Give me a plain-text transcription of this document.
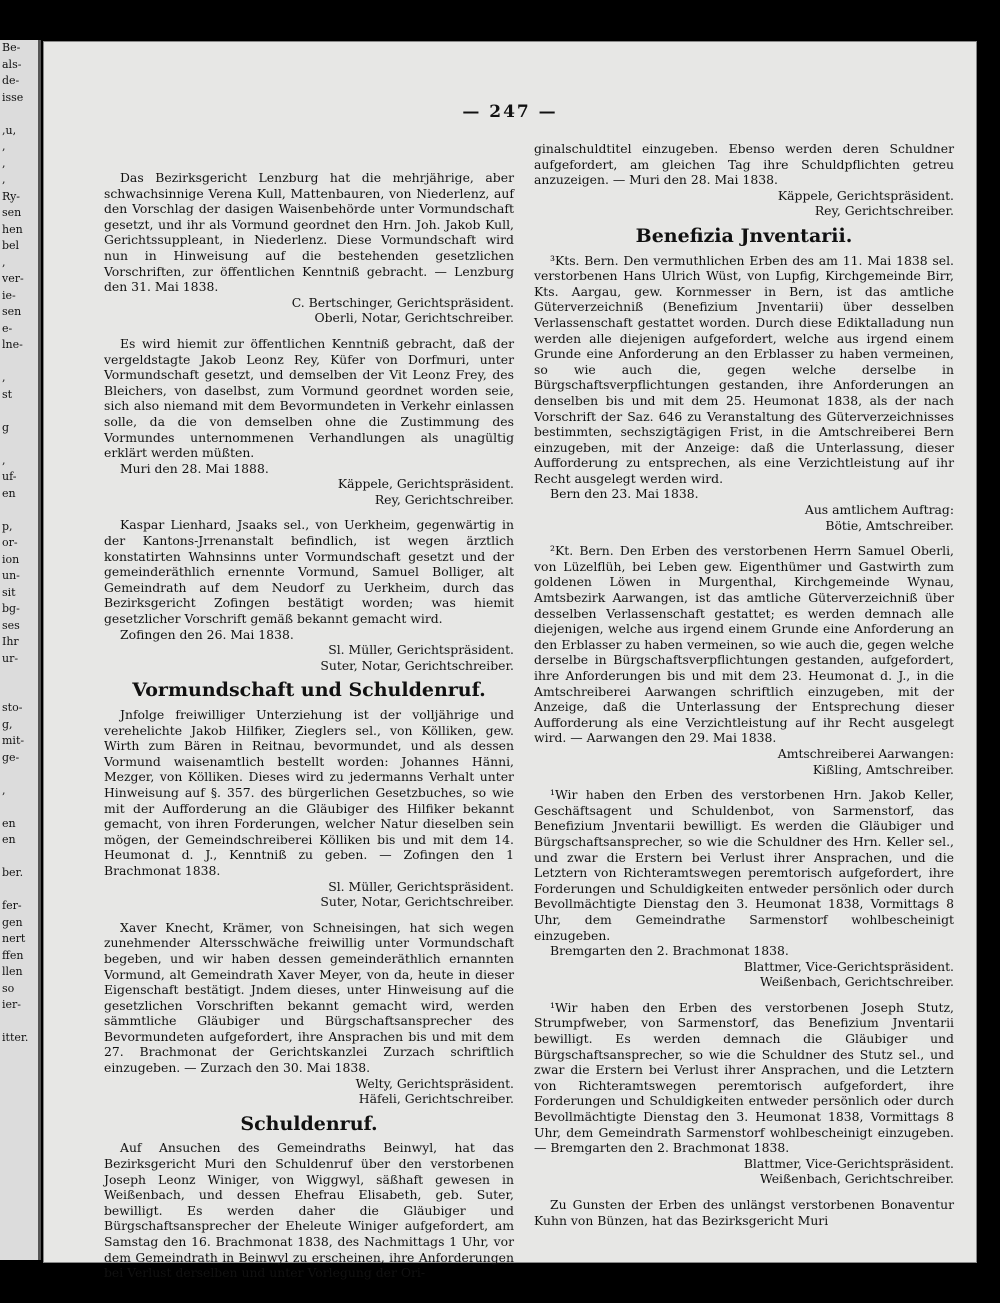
Be-
als-
de-
isse

,u,
,
,
,
Ry-
sen
hen
bel
,
ver-
ie-
sen
e-
lne-

,
st

g

,
uf-
en

p,
or-
ion
un-
sit
bg-
ses
Ihr
ur-

sto-
g,
mit-
ge-

,

en
en

ber.

fer-
gen
nert
ffen
llen
so
ier-

itter.
— 247 —

Das Bezirksgericht Lenzburg hat die mehrjährige, aber schwachsinnige Verena Kull, Mattenbauren, von Niederlenz, auf den Vorschlag der dasigen Waisenbehörde unter Vormundschaft gesetzt, und ihr als Vormund geordnet den Hrn. Joh. Jakob Kull, Gerichtssuppleant, in Niederlenz. Diese Vormundschaft wird nun in Hinweisung auf die bestehenden gesetzlichen Vorschriften, zur öffentlichen Kenntniß gebracht. — Lenzburg den 31. Mai 1838.

C. Bertschinger, Gerichtspräsident.

Oberli, Notar, Gerichtschreiber.

Es wird hiemit zur öffentlichen Kenntniß gebracht, daß der vergeldstagte Jakob Leonz Rey, Küfer von Dorfmuri, unter Vormundschaft gesetzt, und demselben der Vit Leonz Frey, des Bleichers, von daselbst, zum Vormund geordnet worden seie, sich also niemand mit dem Bevormundeten in Verkehr einlassen solle, da die von demselben ohne die Zustimmung des Vormundes unternommenen Verhandlungen als unagültig erklärt werden müßten.

Muri den 28. Mai 1888.

Käppele, Gerichtspräsident.

Rey, Gerichtschreiber.

Kaspar Lienhard, Jsaaks sel., von Uerkheim, gegenwärtig in der Kantons-Jrrenanstalt befindlich, ist wegen ärztlich konstatirten Wahnsinns unter Vormundschaft gesetzt und der gemeinderäthlich ernennte Vormund, Samuel Bolliger, alt Gemeindrath auf dem Neudorf zu Uerkheim, durch das Bezirksgericht Zofingen bestätigt worden; was hiemit gesetzlicher Vorschrift gemäß bekannt gemacht wird.

Zofingen den 26. Mai 1838.

Sl. Müller, Gerichtspräsident.

Suter, Notar, Gerichtschreiber.

Vormundschaft und Schuldenruf.

Jnfolge freiwilliger Unterziehung ist der volljährige und verehelichte Jakob Hilfiker, Zieglers sel., von Kölliken, gew. Wirth zum Bären in Reitnau, bevormundet, und als dessen Vormund waisenamtlich bestellt worden: Johannes Hänni, Mezger, von Kölliken. Dieses wird zu jedermanns Verhalt unter Hinweisung auf §. 357. des bürgerlichen Gesetzbuches, so wie mit der Aufforderung an die Gläubiger des Hilfiker bekannt gemacht, von ihren Forderungen, welcher Natur dieselben sein mögen, der Gemeindschreiberei Kölliken bis und mit dem 14. Heumonat d. J., Kenntniß zu geben. — Zofingen den 1 Brachmonat 1838.

Sl. Müller, Gerichtspräsident.

Suter, Notar, Gerichtschreiber.

Xaver Knecht, Krämer, von Schneisingen, hat sich wegen zunehmender Altersschwäche freiwillig unter Vormundschaft begeben, und wir haben dessen gemeinderäthlich ernannten Vormund, alt Gemeindrath Xaver Meyer, von da, heute in dieser Eigenschaft bestätigt. Jndem dieses, unter Hinweisung auf die gesetzlichen Vorschriften bekannt gemacht wird, werden sämmtliche Gläubiger und Bürgschaftsansprecher des Bevormundeten aufgefordert, ihre Ansprachen bis und mit dem 27. Brachmonat der Gerichtskanzlei Zurzach schriftlich einzugeben. — Zurzach den 30. Mai 1838.

Welty, Gerichtspräsident.

Häfeli, Gerichtschreiber.

Schuldenruf.

Auf Ansuchen des Gemeindraths Beinwyl, hat das Bezirksgericht Muri den Schuldenruf über den verstorbenen Joseph Leonz Winiger, von Wiggwyl, säßhaft gewesen in Weißenbach, und dessen Ehefrau Elisabeth, geb. Suter, bewilligt. Es werden daher die Gläubiger und Bürgschaftsansprecher der Eheleute Winiger aufgefordert, am Samstag den 16. Brachmonat 1838, des Nachmittags 1 Uhr, vor dem Gemeindrath in Beinwyl zu erscheinen, ihre Anforderungen bei Verlust derselben und unter Vorlegung der Ori-

ginalschuldtitel einzugeben. Ebenso werden deren Schuldner aufgefordert, am gleichen Tag ihre Schuldpflichten getreu anzuzeigen. — Muri den 28. Mai 1838.

Käppele, Gerichtspräsident.

Rey, Gerichtschreiber.

Benefizia Jnventarii.

³Kts. Bern. Den vermuthlichen Erben des am 11. Mai 1838 sel. verstorbenen Hans Ulrich Wüst, von Lupfig, Kirchgemeinde Birr, Kts. Aargau, gew. Kornmesser in Bern, ist das amtliche Güterverzeichniß (Benefizium Jnventarii) über desselben Verlassenschaft gestattet worden. Durch diese Ediktalladung nun werden alle diejenigen aufgefordert, welche aus irgend einem Grunde eine Anforderung an den Erblasser zu haben vermeinen, so wie auch die, gegen welche derselbe in Bürgschaftsverpflichtungen gestanden, ihre Anforderungen an denselben bis und mit dem 25. Heumonat 1838, als der nach Vorschrift der Saz. 646 zu Veranstaltung des Güterverzeichnisses bestimmten, sechszigtägigen Frist, in die Amtschreiberei Bern einzugeben, mit der Anzeige: daß die Unterlassung, dieser Aufforderung zu entsprechen, als eine Verzichtleistung auf ihr Recht ausgelegt werden wird.

Bern den 23. Mai 1838.

Aus amtlichem Auftrag:

Bötie, Amtschreiber.

²Kt. Bern. Den Erben des verstorbenen Herrn Samuel Oberli, von Lüzelflüh, bei Leben gew. Eigenthümer und Gastwirth zum goldenen Löwen in Murgenthal, Kirchgemeinde Wynau, Amtsbezirk Aarwangen, ist das amtliche Güterverzeichniß über desselben Verlassenschaft gestattet; es werden demnach alle diejenigen, welche aus irgend einem Grunde eine Anforderung an den Erblasser zu haben vermeinen, so wie auch die, gegen welche derselbe in Bürgschaftsverpflichtungen gestanden, aufgefordert, ihre Anforderungen bis und mit dem 23. Heumonat d. J., in die Amtschreiberei Aarwangen schriftlich einzugeben, mit der Anzeige, daß die Unterlassung der Entsprechung dieser Aufforderung als eine Verzichtleistung auf ihr Recht ausgelegt wird. — Aarwangen den 29. Mai 1838.

Amtschreiberei Aarwangen:

Kißling, Amtschreiber.

¹Wir haben den Erben des verstorbenen Hrn. Jakob Keller, Geschäftsagent und Schuldenbot, von Sarmenstorf, das Benefizium Jnventarii bewilligt. Es werden die Gläubiger und Bürgschaftsansprecher, so wie die Schuldner des Hrn. Keller sel., und zwar die Erstern bei Verlust ihrer Ansprachen, und die Letztern von Richteramtswegen peremtorisch aufgefordert, ihre Forderungen und Schuldigkeiten entweder persönlich oder durch Bevollmächtigte Dienstag den 3. Heumonat 1838, Vormittags 8 Uhr, dem Gemeindrathe Sarmenstorf wohlbescheinigt einzugeben.

Bremgarten den 2. Brachmonat 1838.

Blattmer, Vice-Gerichtspräsident.

Weißenbach, Gerichtschreiber.

¹Wir haben den Erben des verstorbenen Joseph Stutz, Strumpfweber, von Sarmenstorf, das Benefizium Jnventarii bewilligt. Es werden demnach die Gläubiger und Bürgschaftsansprecher, so wie die Schuldner des Stutz sel., und zwar die Erstern bei Verlust ihrer Ansprachen, und die Letztern von Richteramtswegen peremtorisch aufgefordert, ihre Forderungen und Schuldigkeiten entweder persönlich oder durch Bevollmächtigte Dienstag den 3. Heumonat 1838, Vormittags 8 Uhr, dem Gemeindrath Sarmenstorf wohlbescheinigt einzugeben. — Bremgarten den 2. Brachmonat 1838.

Blattmer, Vice-Gerichtspräsident.

Weißenbach, Gerichtschreiber.

Zu Gunsten der Erben des unlängst verstorbenen Bonaventur Kuhn von Bünzen, hat das Bezirksgericht Muri
